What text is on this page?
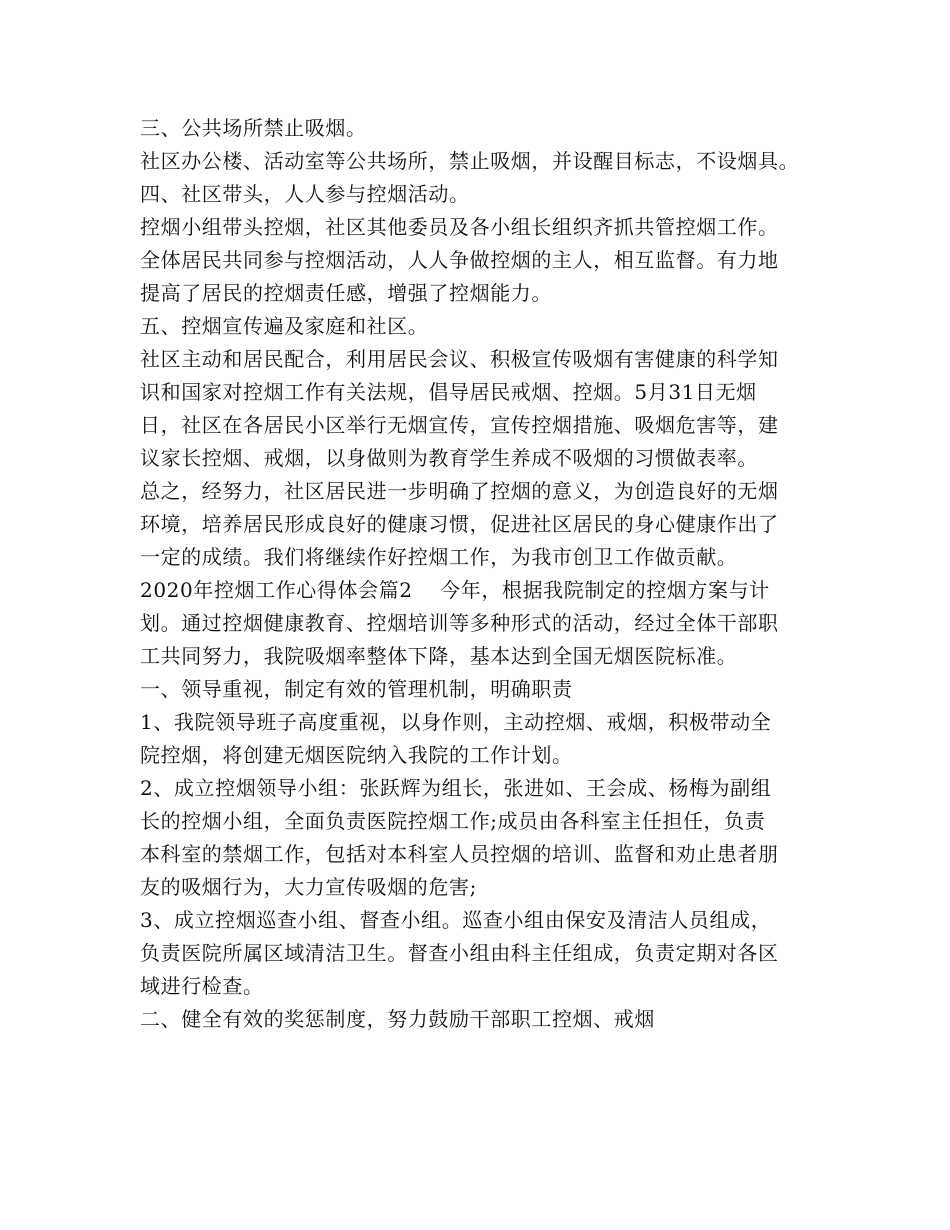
三、公共场所禁止吸烟。
社区办公楼、活动室等公共场所，禁止吸烟，并设醒目标志，不设烟具。
四、社区带头，人人参与控烟活动。
控烟小组带头控烟，社区其他委员及各小组长组织齐抓共管控烟工作。
全体居民共同参与控烟活动，人人争做控烟的主人，相互监督。有力地
提高了居民的控烟责任感，增强了控烟能力。
五、控烟宣传遍及家庭和社区。
社区主动和居民配合，利用居民会议、积极宣传吸烟有害健康的科学知
识和国家对控烟工作有关法规，倡导居民戒烟、控烟。5月31日无烟
日，社区在各居民小区举行无烟宣传，宣传控烟措施、吸烟危害等，建
议家长控烟、戒烟，以身做则为教育学生养成不吸烟的习惯做表率。
总之，经努力，社区居民进一步明确了控烟的意义，为创造良好的无烟
环境，培养居民形成良好的健康习惯，促进社区居民的身心健康作出了
一定的成绩。我们将继续作好控烟工作，为我市创卫工作做贡献。
2020年控烟工作心得体会篇2　 今年，根据我院制定的控烟方案与计
划。通过控烟健康教育、控烟培训等多种形式的活动，经过全体干部职
工共同努力，我院吸烟率整体下降，基本达到全国无烟医院标准。
一、领导重视，制定有效的管理机制，明确职责
1、我院领导班子高度重视，以身作则，主动控烟、戒烟，积极带动全
院控烟，将创建无烟医院纳入我院的工作计划。
2、成立控烟领导小组：张跃辉为组长，张进如、王会成、杨梅为副组
长的控烟小组，全面负责医院控烟工作;成员由各科室主任担任，负责
本科室的禁烟工作，包括对本科室人员控烟的培训、监督和劝止患者朋
友的吸烟行为，大力宣传吸烟的危害;
3、成立控烟巡查小组、督查小组。巡查小组由保安及清洁人员组成，
负责医院所属区域清洁卫生。督查小组由科主任组成，负责定期对各区
域进行检查。
二、健全有效的奖惩制度，努力鼓励干部职工控烟、戒烟
